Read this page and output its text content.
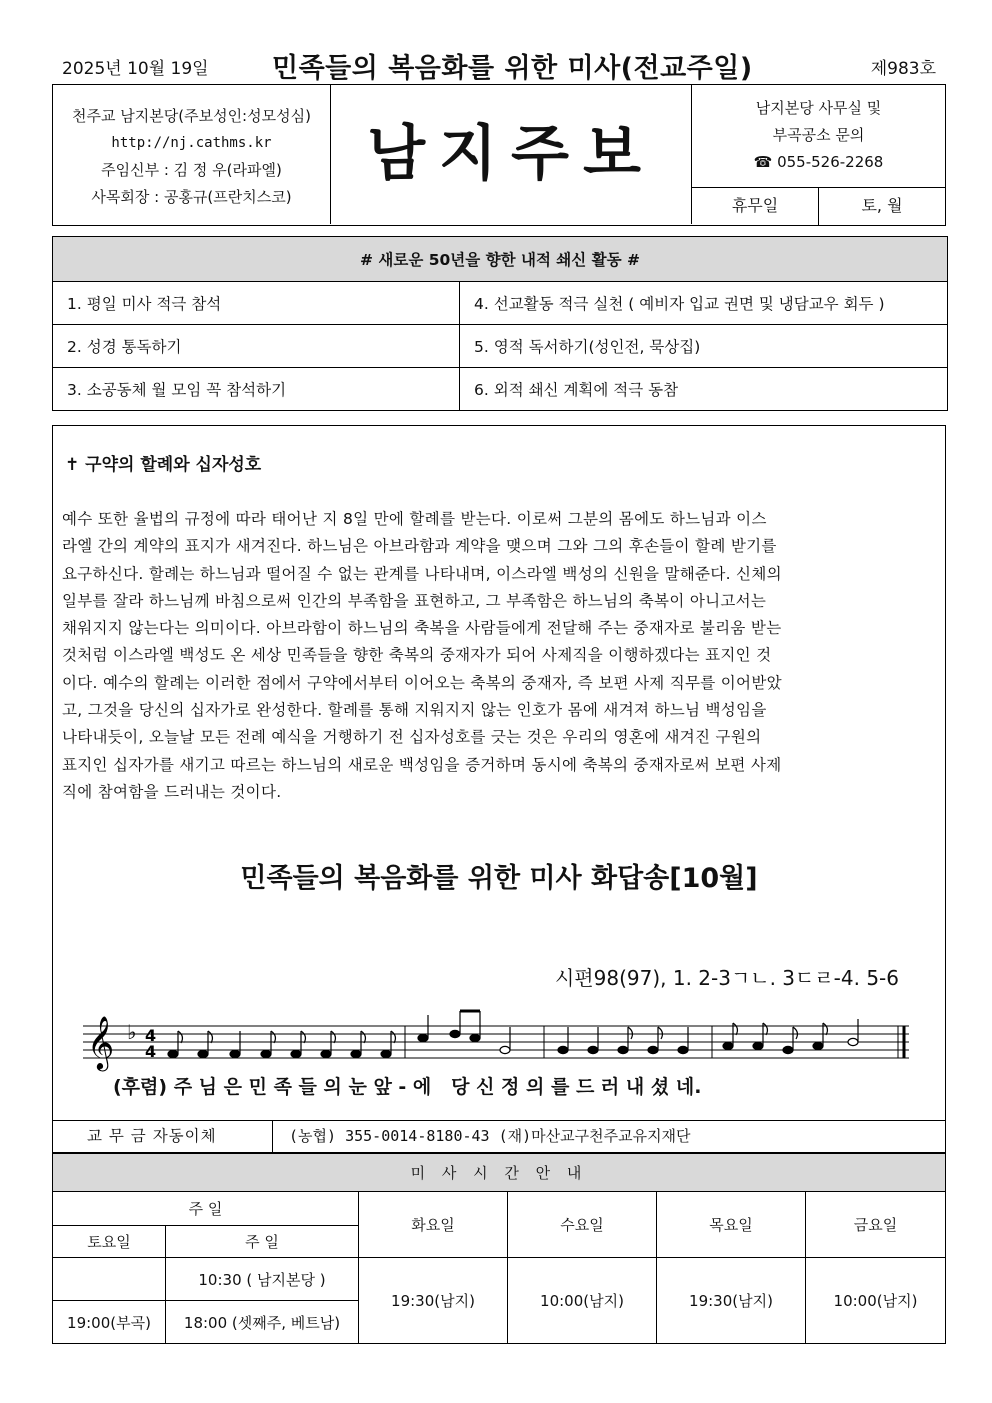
2025년 10월 19일 민족들의 복음화를 위한 미사(전교주일)	제983호
천주교 남지본당(주보성인:성모성심)
http://nj.cathms.kr
주임신부 : 김 정 우(라파엘)
사목회장 : 공홍규(프란치스코)
남지주보
남지본당 사무실 및
부곡공소 문의
☎ 055-526-2268
휴무일	토, 월
# 새로운 50년을 향한 내적 쇄신 활동 #	
1. 평일 미사 적극 참석	4. 선교활동 적극 실천 ( 예비자 입교 권면 및 냉담교우 회두 )
2. 성경 통독하기	5. 영적 독서하기(성인전, 묵상집)
3. 소공동체 월 모임 꼭 참석하기	6. 외적 쇄신 계획에 적극 동참
✝ 구약의 할례와 십자성호
예수 또한 율법의 규정에 따라 태어난 지 8일 만에 할례를 받는다. 이로써 그분의 몸에도 하느님과 이스
라엘 간의 계약의 표지가 새겨진다. 하느님은 아브라함과 계약을 맺으며 그와 그의 후손들이 할례 받기를
요구하신다. 할례는 하느님과 떨어질 수 없는 관계를 나타내며, 이스라엘 백성의 신원을 말해준다. 신체의
일부를 잘라 하느님께 바침으로써 인간의 부족함을 표현하고, 그 부족함은 하느님의 축복이 아니고서는
채워지지 않는다는 의미이다. 아브라함이 하느님의 축복을 사람들에게 전달해 주는 중재자로 불리움 받는
것처럼 이스라엘 백성도 온 세상 민족들을 향한 축복의 중재자가 되어 사제직을 이행하겠다는 표지인 것
이다. 예수의 할례는 이러한 점에서 구약에서부터 이어오는 축복의 중재자, 즉 보편 사제 직무를 이어받았
고, 그것을 당신의 십자가로 완성한다. 할례를 통해 지워지지 않는 인호가 몸에 새겨져 하느님 백성임을
나타내듯이, 오늘날 모든 전례 예식을 거행하기 전 십자성호를 긋는 것은 우리의 영혼에 새겨진 구원의
표지인 십자가를 새기고 따르는 하느님의 새로운 백성임을 증거하며 동시에 축복의 중재자로써 보편 사제
직에 참여함을 드러내는 것이다.
민족들의 복음화를 위한 미사 화답송[10월]
시편98(97), 1. 2-3ㄱㄴ. 3ㄷㄹ-4. 5-6
𝄞 ♭ 4
4
(후렴) 주 님 은 민 족 들 의 눈 앞 - 에   당 신 정 의 를 드 러 내 셨 네.
교 무 금 자동이체	(농협) 355-0014-8180-43 (재)마산교구천주교유지재단
미 사 시 간 안 내					
주 일		화요일	수요일	목요일	금요일
토요일	주 일				
	10:30 ( 남지본당 )	19:30(남지)	10:00(남지)	19:30(남지)	10:00(남지)
19:00(부곡)	18:00 (셋째주, 베트남)				
